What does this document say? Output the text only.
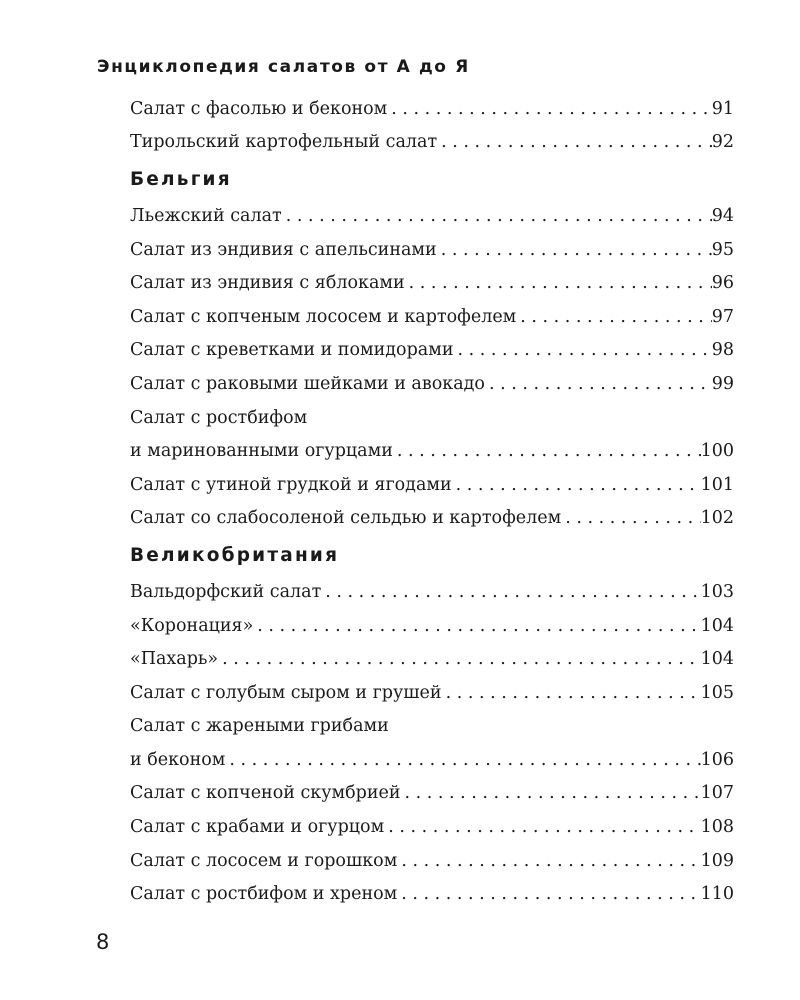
Энциклопедия салатов от А до Я
Салат с фасолью и беконом . . .	91
Тирольский картофельный салат . . .	92
Бельгия
Льежский салат . . .	94
Салат из эндивия с апельсинами . . .	95
Салат из эндивия с яблоками . . .	96
Салат с копченым лососем и картофелем . . .	97
Салат с креветками и помидорами . . .	98
Салат с раковыми шейками и авокадо . . .	99
Салат с ростбифом
и маринованными огурцами . . .	100
Салат с утиной грудкой и ягодами . . .	101
Салат со слабосоленой сельдью и картофелем . . .	102
Великобритания
Вальдорфский салат . . .	103
«Коронация» . . .	104
«Пахарь» . . .	104
Салат с голубым сыром и грушей . . .	105
Салат с жареными грибами
и беконом . . .	106
Салат с копченой скумбрией . . .	107
Салат с крабами и огурцом . . .	108
Салат с лососем и горошком . . .	109
Салат с ростбифом и хреном . . .	110
8
